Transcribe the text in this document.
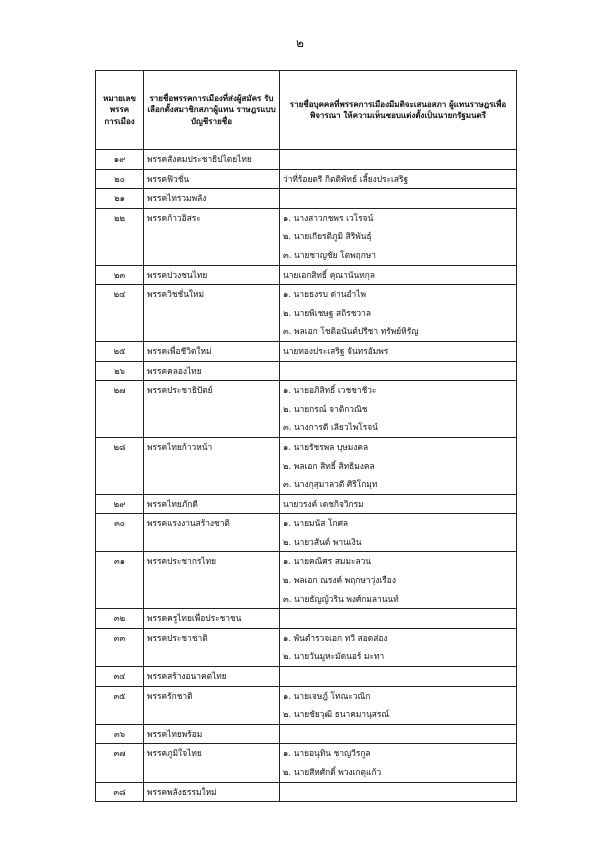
๒
หมายเลข พรรค การเมือง	รายชื่อพรรคการเมืองที่ส่งผู้สมัคร รับเลือกตั้งสมาชิกสภาผู้แทน ราษฎรแบบบัญชีรายชื่อ	รายชื่อบุคคลที่พรรคการเมืองมีมติจะเสนอสภา ผู้แทนราษฎรเพื่อพิจารณา ให้ความเห็นชอบแต่งตั้งเป็นนายกรัฐมนตรี

๑๙	พรรคสังคมประชาธิปไตยไทย	

๒๐	พรรคฟิวชั่น	ว่าที่ร้อยตรี กิตติพัทธ์ เลี้ยงประเสริฐ

๒๑	พรรคไทรวมพลัง	

๒๒	พรรคก้าวอิสระ	๑. นางสาวกชพร เวโรจน์
๒. นายเกียรติภูมิ สิริพันธุ์
๓. นายชาญชัย โตพฤกษา

๒๓	พรรคปวงชนไทย	นายเอกสิทธิ์ คุณานันทกุล

๒๔	พรรควิชชั่นใหม่	๑. นายธงรบ ด่านอำไพ
๒. นายพิเชษฐ สถิรชวาล
๓. พลเอก โชติอนันต์ปรีชา ทรัพย์หิรัญ

๒๕	พรรคเพื่อชีวิตใหม่	นายทองประเสริฐ จันทรอัมพร

๒๖	พรรคคลองไทย	

๒๗	พรรคประชาธิปัตย์	๑. นายอภิสิทธิ์ เวชชาชีวะ
๒. นายกรณ์ จาติกวณิช
๓. นางการดี เลียวไพโรจน์

๒๘	พรรคไทยก้าวหน้า	๑. นายรัชรพล บุษมงคล
๒. พลเอก สิทธิ์ สิทธิมงคล
๓. นางกุสุมาลวตี ศิริโกมุท

๒๙	พรรคไทยภักดี	นายวรงค์ เดชกิจวิกรม

๓๐	พรรคแรงงานสร้างชาติ	๑. นายมนัส โกศล
๒. นายวสันต์ พานเงิน

๓๑	พรรคประชากรไทย	๑. นายคณิศร สมมะลวน
๒. พลเอก ณรงค์ พฤกษาวุ่งเรือง
๓. นายธัญญ์วริน พงศ์กมลานนท์

๓๒	พรรคครูไทยเพื่อประชาชน	

๓๓	พรรคประชาชาติ	๑. พันตำรวจเอก ทวี สอดส่อง
๒. นายวันมูหะมัดนอร์ มะทา

๓๔	พรรคสร้างอนาคตไทย	

๓๕	พรรครักชาติ	๑. นายเจษฎ์ โทณะวณิก
๒. นายชัยวุฒิ ธนาคมานุสรณ์

๓๖	พรรคไทยพร้อม	

๓๗	พรรคภูมิใจไทย	๑. นายอนุทิน ชาญวีรกูล
๒. นายสีหศักดิ์ พวงเกตุแก้ว

๓๘	พรรคพลังธรรมใหม่	
